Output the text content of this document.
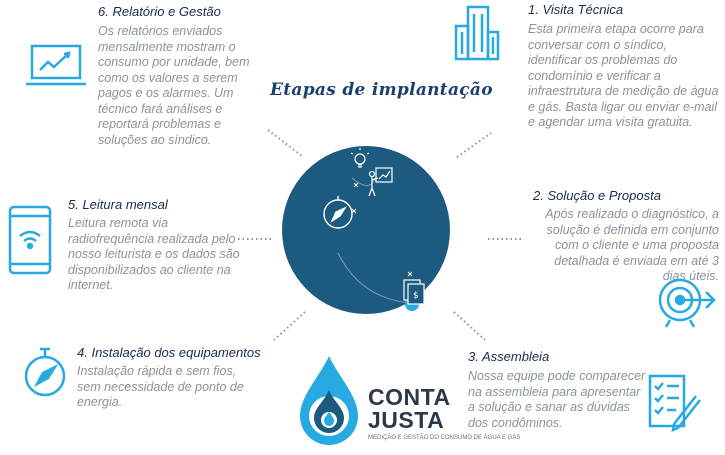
Etapas de implantação

$

1. Visita Técnica

Esta primeira etapa ocorre para conversar com o síndico, identificar os problemas do condomínio e verificar a infraestrutura de medição de água e gás. Basta ligar ou enviar e-mail e agendar uma visita gratuita.

2. Solução e Proposta

Após realizado o diagnóstico, a solução é definida em conjunto com o cliente e uma proposta detalhada é enviada em até 3 dias úteis.

3. Assembleia

Nossa equipe pode comparecer na assembleia para apresentar a solução e sanar as dúvidas dos condôminos.

4. Instalação dos equipamentos

Instalação rápida e sem fios, sem necessidade de ponto de energia.

5. Leitura mensal

Leitura remota via radiofrequência realizada pelo nosso leiturista e os dados são disponibilizados ao cliente na internet.

6. Relatório e Gestão

Os relatórios enviados mensalmente mostram o consumo por unidade, bem como os valores a serem pagos e os alarmes. Um técnico fará análises e reportará problemas e soluções ao síndico.

CONTA

JUSTA

MEDIÇÃO E GESTÃO DO CONSUMO DE ÁGUA E GÁS
